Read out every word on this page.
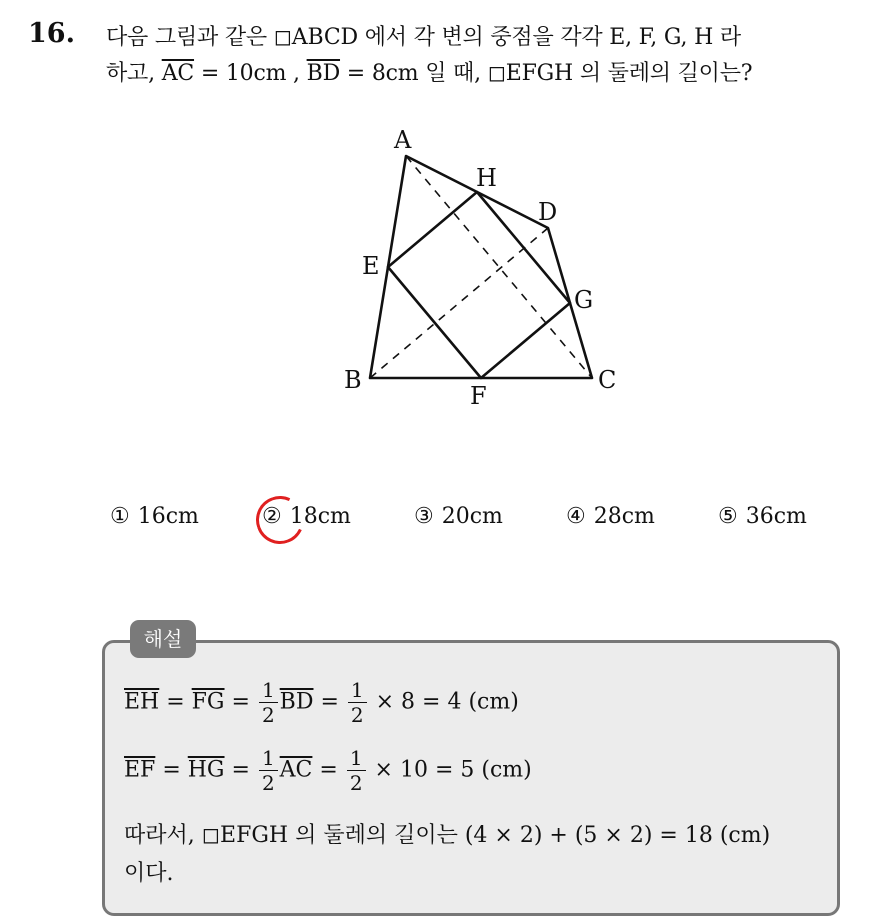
16. 다음 그림과 같은 ◻ABCD 에서 각 변의 중점을 각각 E, F, G, H 라
하고, $\overline{AC} = 10cm$ , $\overline{BD} = 8cm$ 일 때, ◻EFGH 의 둘레의 길이는?
A
H
D
E
G
B
F
C
① 16cm	② 18cm	③ 20cm	④ 28cm	⑤ 36cm
해설
$\overline{EH} = \overline{FG} = \frac{1}{2} \overline{BD} = \frac{1}{2} \times 8 = 4$ (cm)
$\overline{EF} = \overline{HG} = \frac{1}{2} \overline{AC} = \frac{1}{2} \times 10 = 5$ (cm)
따라서, ◻EFGH 의 둘레의 길이는 (4 × 2) + (5 × 2) = 18 (cm)
이다.
